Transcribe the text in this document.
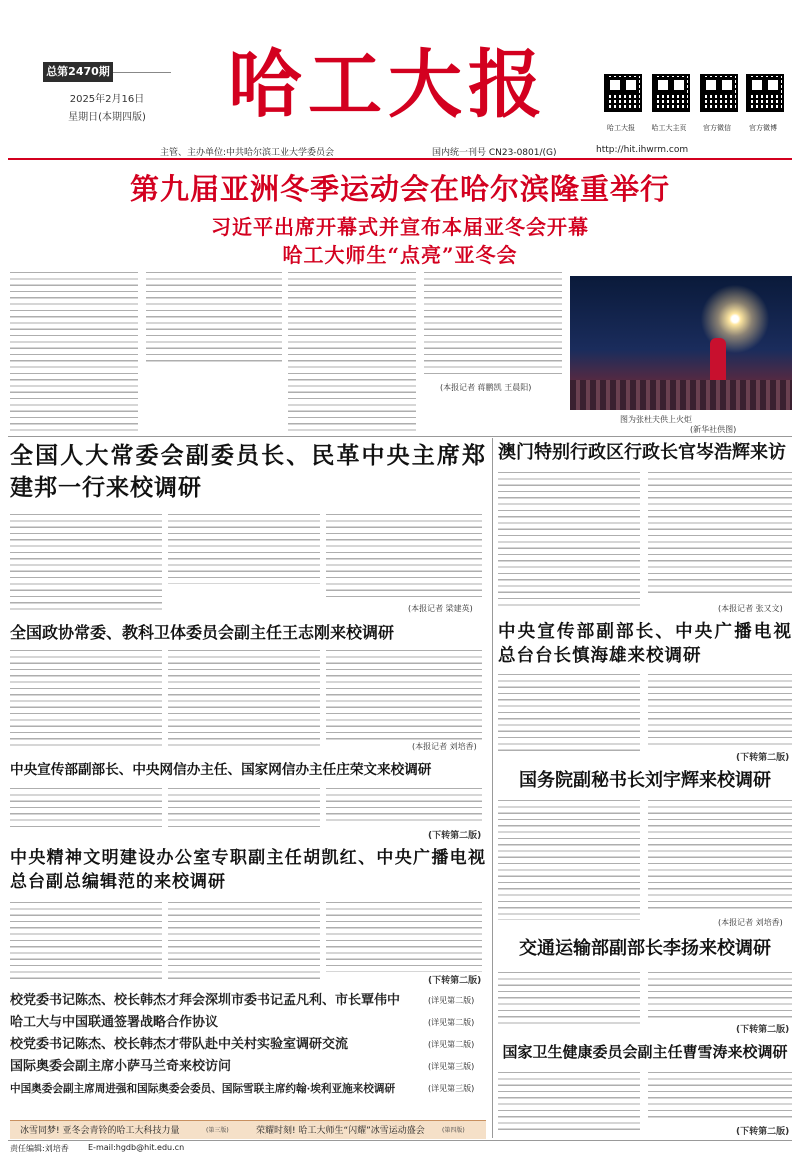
总第2470期
2025年2月16日
星期日(本期四版)	哈工大报	哈工大报	哈工大主页	官方微信	官方微博
主管、主办单位:中共哈尔滨工业大学委员会	国内统一刊号 CN23-0801/(G)	http://hit.ihwrm.com
第九届亚洲冬季运动会在哈尔滨隆重举行
习近平出席开幕式并宣布本届亚冬会开幕
哈工大师生“点亮”亚冬会
(本报记者 蒋鹏凯 王晨阳)
图为张杜夫供上火炬
(新华社供图)
全国人大常委会副委员长、民革中央主席郑建邦一行来校调研
(本报记者 梁建英)
全国政协常委、教科卫体委员会副主任王志刚来校调研
(本报记者 刘培香)
中央宣传部副部长、中央网信办主任、国家网信办主任庄荣文来校调研
(下转第二版)
中央精神文明建设办公室专职副主任胡凯红、中央广播电视总台副总编辑范的来校调研
(下转第二版)
校党委书记陈杰、校长韩杰才拜会深圳市委书记孟凡利、市长覃伟中	(详见第二版)
哈工大与中国联通签署战略合作协议	(详见第二版)
校党委书记陈杰、校长韩杰才带队赴中关村实验室调研交流	(详见第二版)
国际奥委会副主席小萨马兰奇来校访问	(详见第三版)
中国奥委会副主席周进强和国际奥委会委员、国际雪联主席约翰·埃利亚施来校调研	(详见第三版)
冰雪同梦! 亚冬会青铃的哈工大科技力量	(第三版)	荣耀时刻! 哈工大师生“闪耀”冰雪运动盛会	(第四版)
澳门特别行政区行政长官岑浩辉来访
(本报记者 张又文)
中央宣传部副部长、中央广播电视总台台长慎海雄来校调研
(下转第二版)
国务院副秘书长刘宇辉来校调研
(本报记者 刘培香)
交通运输部副部长李扬来校调研
(下转第二版)
国家卫生健康委员会副主任曹雪涛来校调研
(下转第二版)
责任编辑:刘培香 E-mail:hgdb@hit.edu.cn
